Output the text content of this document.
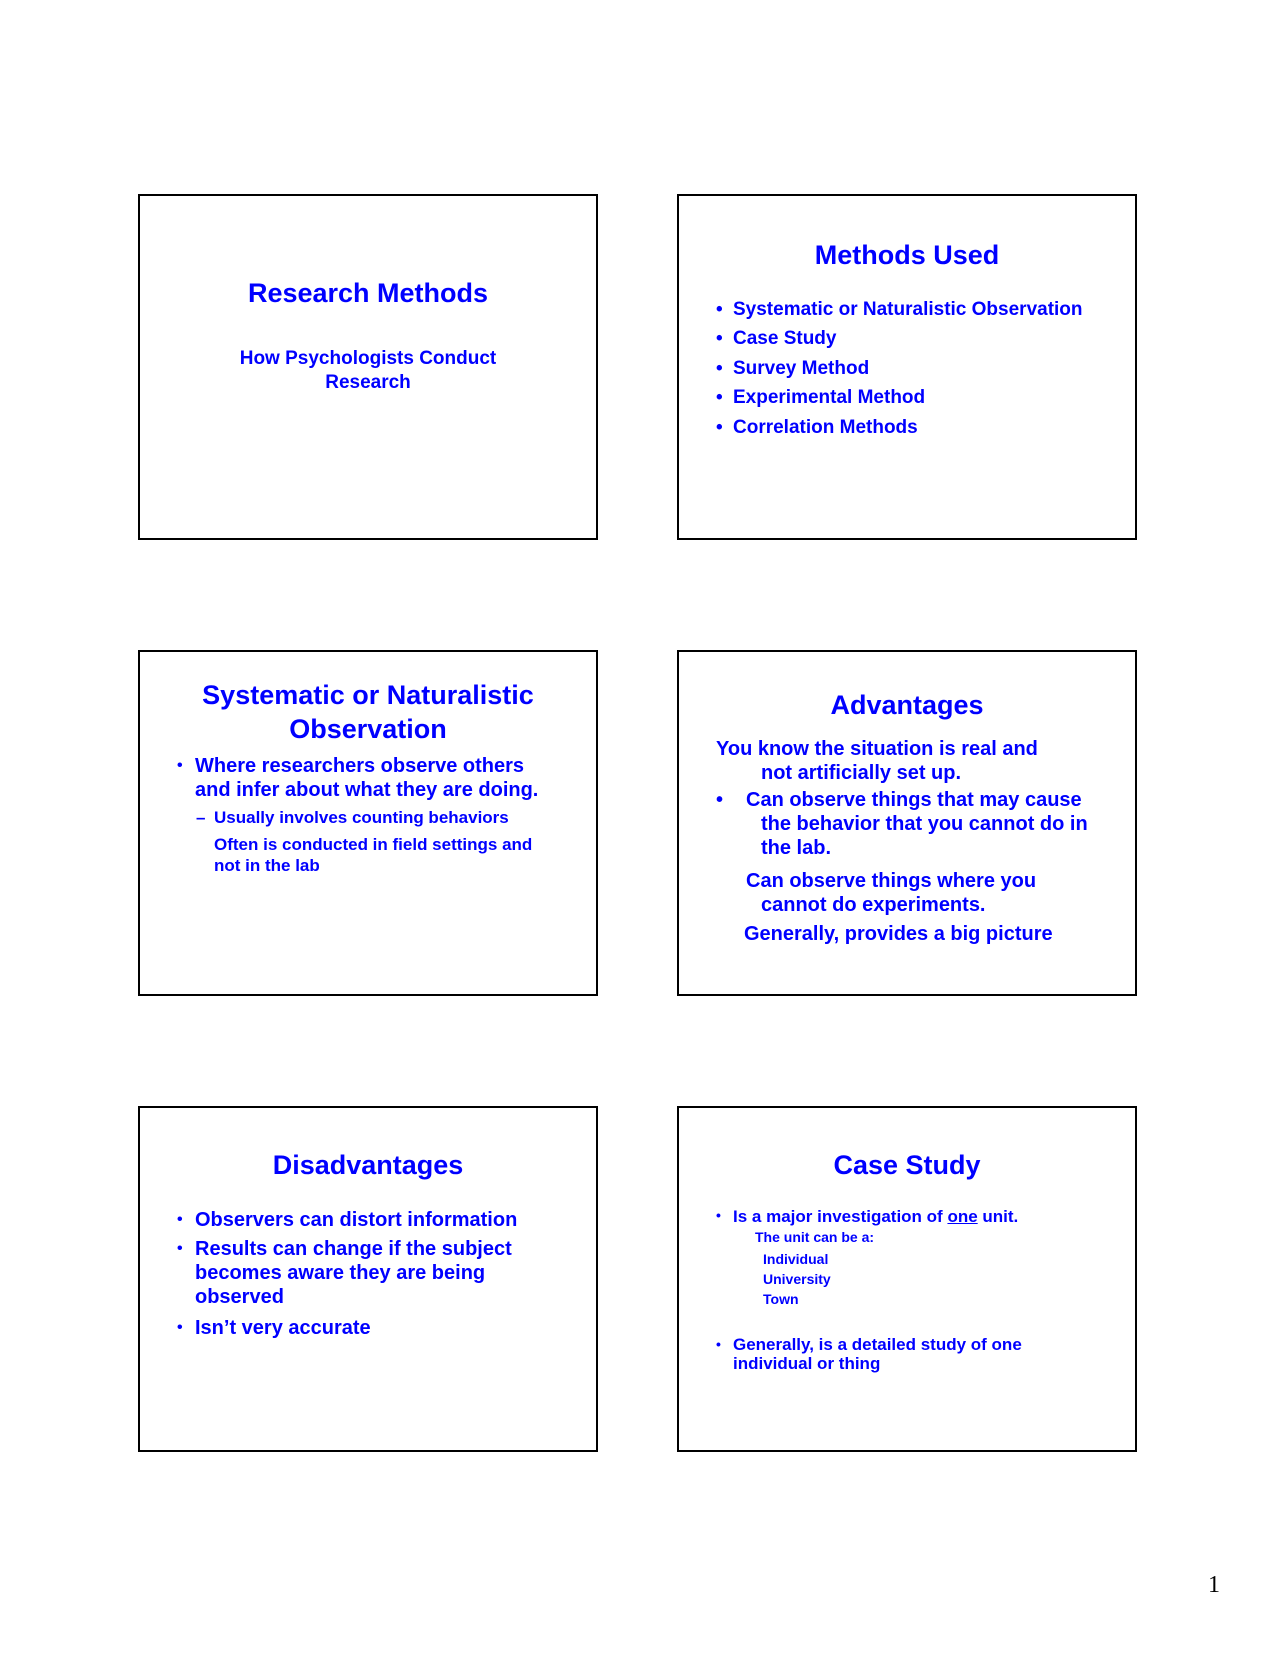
Research Methods
How Psychologists Conduct
Research
Methods Used
• Systematic or Naturalistic Observation
• Case Study
• Survey Method
• Experimental Method
• Correlation Methods
Systematic or Naturalistic
Observation
• Where researchers observe others
and infer about what they are doing.
– Usually involves counting behaviors
Often is conducted in field settings and
not in the lab
Advantages
You know the situation is real and
not artificially set up.
•	Can observe things that may cause
the behavior that you cannot do in
the lab.
Can observe things where you
cannot do experiments.
Generally, provides a big picture
Disadvantages
• Observers can distort information
• Results can change if the subject
becomes aware they are being
observed
• Isn’t very accurate
Case Study
• Is a major investigation of one unit.
The unit can be a:
Individual
University
Town
• Generally, is a detailed study of one
individual or thing
1
